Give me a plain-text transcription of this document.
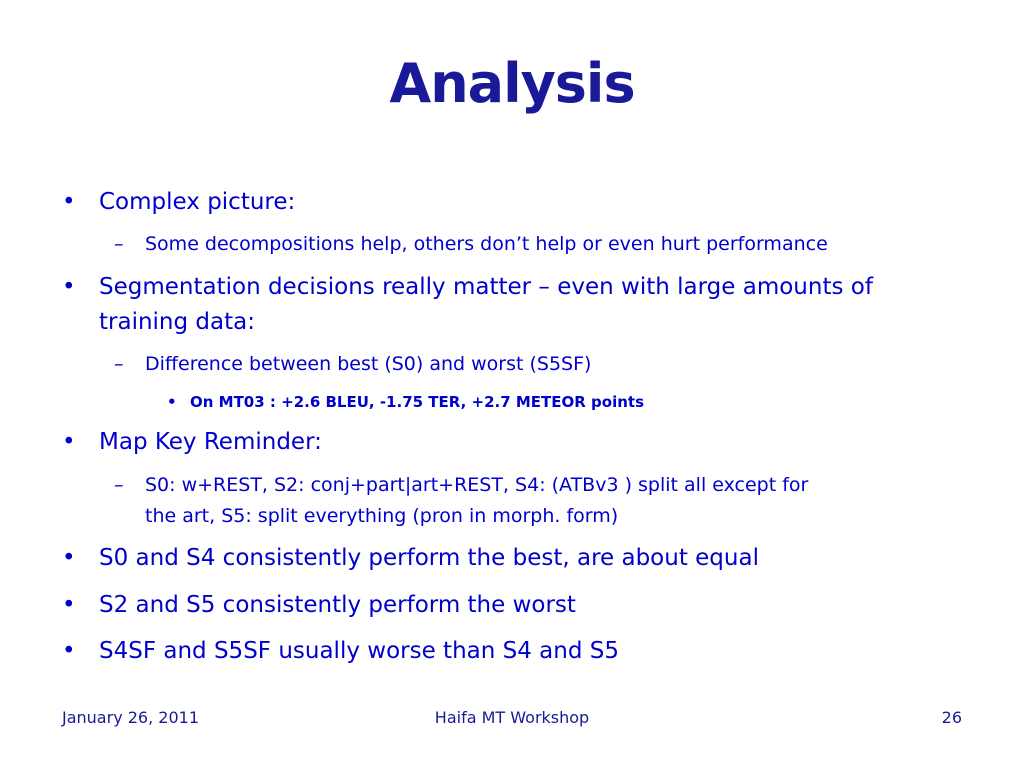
Analysis
• Complex picture:
– Some decompositions help, others don’t help or even hurt performance
• Segmentation decisions really matter – even with large amounts of
training data:
– Difference between best (S0) and worst (S5SF)
• On MT03 : +2.6 BLEU, -1.75 TER, +2.7 METEOR points
• Map Key Reminder:
– S0: w+REST, S2: conj+part|art+REST, S4: (ATBv3 ) split all except for
the art, S5: split everything (pron in morph. form)
• S0 and S4 consistently perform the best, are about equal
• S2 and S5 consistently perform the worst
• S4SF and S5SF usually worse than S4 and S5
January 26, 2011	Haifa MT Workshop	26
